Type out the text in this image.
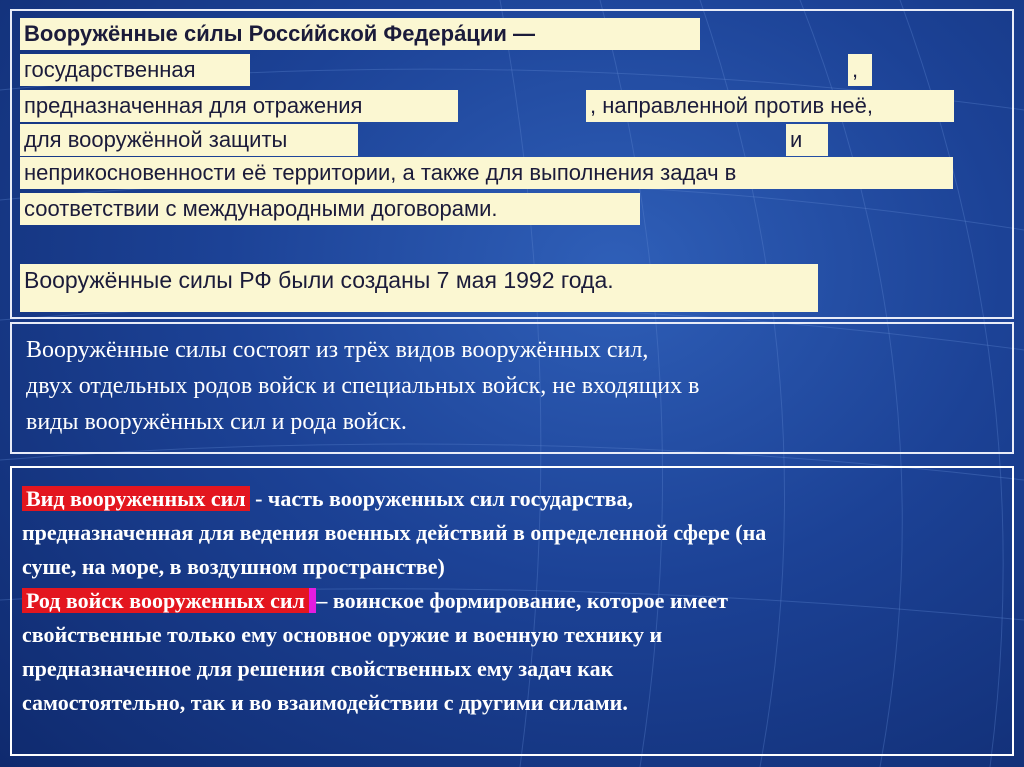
Вооружённые си́лы Росси́йской Федера́ции —
государственная	,
предназначенная для отражения	, направленной против неё,
для вооружённой защиты	и
неприкосновенности её территории, а также для выполнения задач в
соответствии с международными договорами.
Вооружённые силы РФ были созданы 7 мая 1992 года.
Вооружённые силы состоят из трёх видов вооружённых сил,
двух отдельных родов войск и специальных войск, не входящих в
виды вооружённых сил и рода войск.
Вид вооруженных сил - часть вооруженных сил государства,
предназначенная для ведения военных действий в определенной сфере (на
суше, на море, в воздушном пространстве)
Род войск вооруженных сил – воинское формирование, которое имеет
свойственные только ему основное оружие и военную технику и
предназначенное для решения свойственных ему задач как
самостоятельно, так и во взаимодействии с другими силами.
